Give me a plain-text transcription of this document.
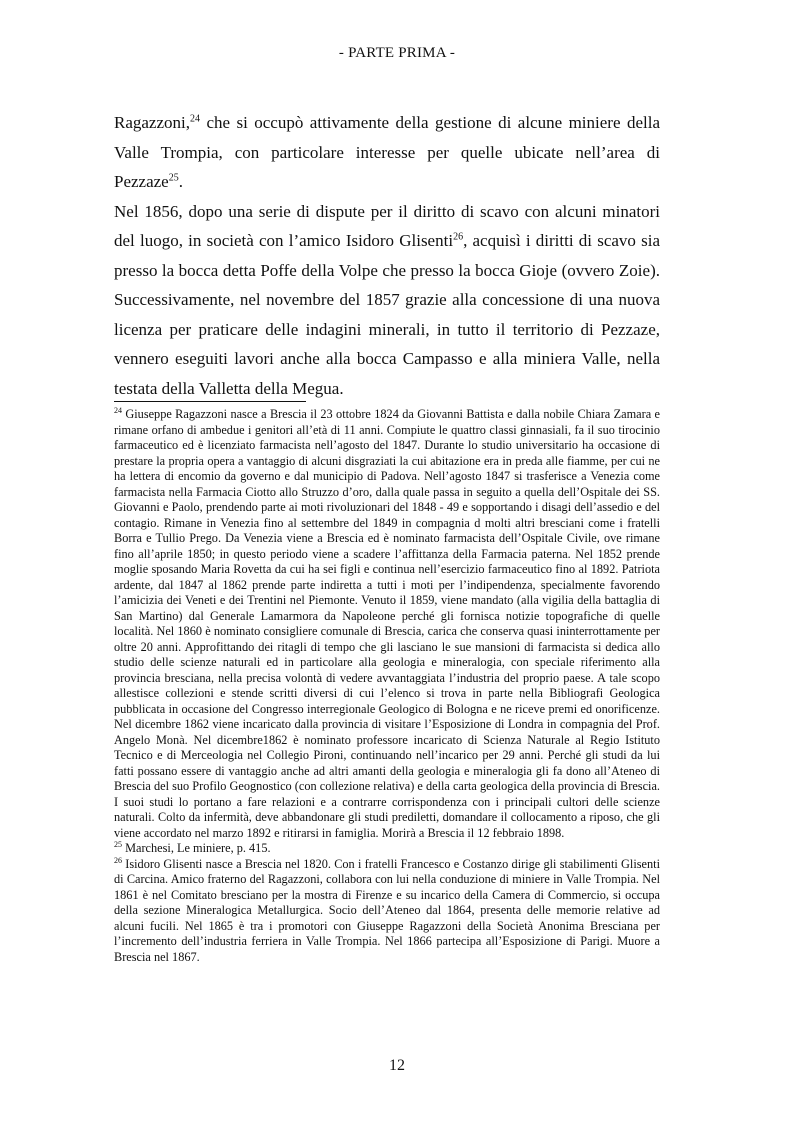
- PARTE PRIMA -

Ragazzoni,$^{24}$ che si occupò attivamente della gestione di alcune miniere della Valle Trompia, con particolare interesse per quelle ubicate nell’area di Pezzaze$^{25}$.

Nel 1856, dopo una serie di dispute per il diritto di scavo con alcuni minatori del luogo, in società con l’amico Isidoro Glisenti$^{26}$, acquisì i diritti di scavo sia presso la bocca detta Poffe della Volpe che presso la bocca Gioje (ovvero Zoie). Successivamente, nel novembre del 1857 grazie alla concessione di una nuova licenza per praticare delle indagini minerali, in tutto il territorio di Pezzaze, vennero eseguiti lavori anche alla bocca Campasso e alla miniera Valle, nella testata della Valletta della Megua.

$^{24}$ Giuseppe Ragazzoni nasce a Brescia il 23 ottobre 1824 da Giovanni Battista e dalla nobile Chiara Zamara e rimane orfano di ambedue i genitori all’età di 11 anni. Compiute le quattro classi ginnasiali, fa il suo tirocinio farmaceutico ed è licenziato farmacista nell’agosto del 1847. Durante lo studio universitario ha occasione di prestare la propria opera a vantaggio di alcuni disgraziati la cui abitazione era in preda alle fiamme, per cui ne ha lettera di encomio da governo e dal municipio di Padova. Nell’agosto 1847 si trasferisce a Venezia come farmacista nella Farmacia Ciotto allo Struzzo d’oro, dalla quale passa in seguito a quella dell’Ospitale dei SS. Giovanni e Paolo, prendendo parte ai moti rivoluzionari del 1848 - 49 e sopportando i disagi dell’assedio e del contagio. Rimane in Venezia fino al settembre del 1849 in compagnia d molti altri bresciani come i fratelli Borra e Tullio Prego. Da Venezia viene a Brescia ed è nominato farmacista dell’Ospitale Civile, ove rimane fino all’aprile 1850; in questo periodo viene a scadere l’affittanza della Farmacia paterna. Nel 1852 prende moglie sposando Maria Rovetta da cui ha sei figli e continua nell’esercizio farmaceutico fino al 1892. Patriota ardente, dal 1847 al 1862 prende parte indiretta a tutti i moti per l’indipendenza, specialmente favorendo l’amicizia dei Veneti e dei Trentini nel Piemonte. Venuto il 1859, viene mandato (alla vigilia della battaglia di San Martino) dal Generale Lamarmora da Napoleone perché gli fornisca notizie topografiche di quelle località. Nel 1860 è nominato consigliere comunale di Brescia, carica che conserva quasi ininterrottamente per oltre 20 anni. Approfittando dei ritagli di tempo che gli lasciano le sue mansioni di farmacista si dedica allo studio delle scienze naturali ed in particolare alla geologia e mineralogia, con speciale riferimento alla provincia bresciana, nella precisa volontà di vedere avvantaggiata l’industria del proprio paese. A tale scopo allestisce collezioni e stende scritti diversi di cui l’elenco si trova in parte nella Bibliografi Geologica pubblicata in occasione del Congresso interregionale Geologico di Bologna e ne riceve premi ed onorificenze. Nel dicembre 1862 viene incaricato dalla provincia di visitare l’Esposizione di Londra in compagnia del Prof. Angelo Monà. Nel dicembre1862 è nominato professore incaricato di Scienza Naturale al Regio Istituto Tecnico e di Merceologia nel Collegio Pironi, continuando nell’incarico per 29 anni. Perché gli studi da lui fatti possano essere di vantaggio anche ad altri amanti della geologia e mineralogia gli fa dono all’Ateneo di Brescia del suo Profilo Geognostico (con collezione relativa) e della carta geologica della provincia di Brescia. I suoi studi lo portano a fare relazioni e a contrarre corrispondenza con i principali cultori delle scienze naturali. Colto da infermità, deve abbandonare gli studi prediletti, domandare il collocamento a riposo, che gli viene accordato nel marzo 1892 e ritirarsi in famiglia. Morirà a Brescia il 12 febbraio 1898.

$^{25}$ Marchesi, Le miniere, p. 415.

$^{26}$ Isidoro Glisenti nasce a Brescia nel 1820. Con i fratelli Francesco e Costanzo dirige gli stabilimenti Glisenti di Carcina. Amico fraterno del Ragazzoni, collabora con lui nella conduzione di miniere in Valle Trompia. Nel 1861 è nel Comitato bresciano per la mostra di Firenze e su incarico della Camera di Commercio, si occupa della sezione Mineralogica Metallurgica. Socio dell’Ateneo dal 1864, presenta delle memorie relative ad alcuni fucili. Nel 1865 è tra i promotori con Giuseppe Ragazzoni della Società Anonima Bresciana per l’incremento dell’industria ferriera in Valle Trompia. Nel 1866 partecipa all’Esposizione di Parigi. Muore a Brescia nel 1867.

12
